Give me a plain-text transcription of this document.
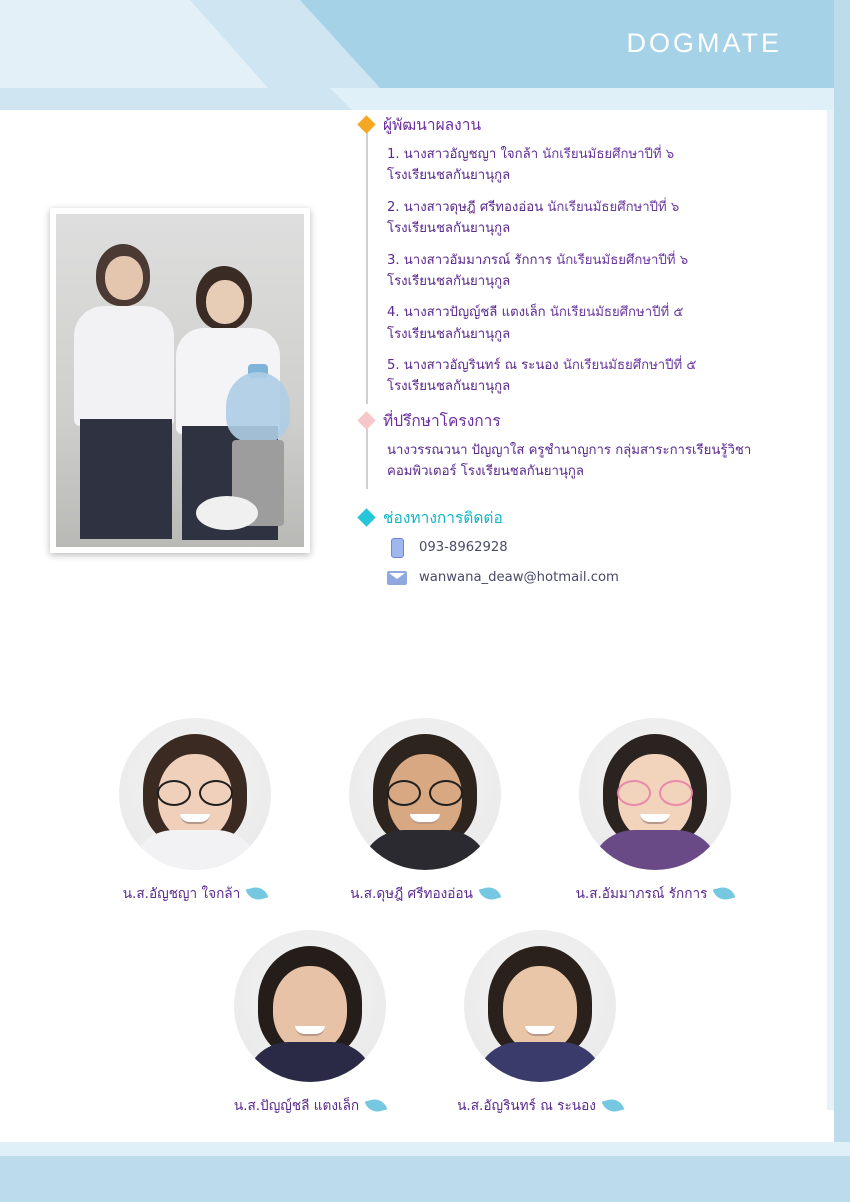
DOGMATE
ผู้พัฒนาผลงาน
1. นางสาวอัญชญา ใจกล้า นักเรียนมัธยศึกษาปีที่ ๖
โรงเรียนชลกันยานุกูล
2. นางสาวดุษฎี ศรีทองอ่อน นักเรียนมัธยศึกษาปีที่ ๖
โรงเรียนชลกันยานุกูล
3. นางสาวอัมมาภรณ์ รักการ นักเรียนมัธยศึกษาปีที่ ๖
โรงเรียนชลกันยานุกูล
4. นางสาวปัญญ์ชลี แตงเล็ก นักเรียนมัธยศึกษาปีที่ ๕
โรงเรียนชลกันยานุกูล
5. นางสาวอัญรินทร์ ณ ระนอง นักเรียนมัธยศึกษาปีที่ ๕
โรงเรียนชลกันยานุกูล
ที่ปรึกษาโครงการ
นางวรรณวนา ปัญญาใส ครูชำนาญการ กลุ่มสาระการเรียนรู้วิชา
คอมพิวเตอร์ โรงเรียนชลกันยานุกูล
ช่องทางการติดต่อ
093-8962928
wanwana_deaw@hotmail.com
น.ส.อัญชญา ใจกล้า	น.ส.ดุษฎี ศรีทองอ่อน	น.ส.อัมมาภรณ์ รักการ
น.ส.ปัญญ์ชลี แตงเล็ก	น.ส.อัญรินทร์ ณ ระนอง
